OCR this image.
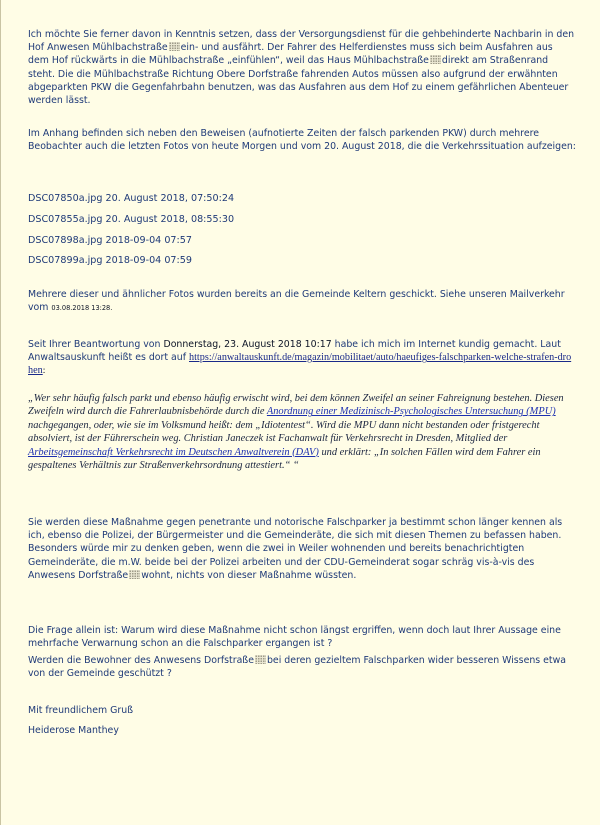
Ich möchte Sie ferner davon in Kenntnis setzen, dass der Versorgungsdienst für die gehbehinderte Nachbarin in den Hof Anwesen Mühlbachstraße ein- und ausfährt. Der Fahrer des Helferdienstes muss sich beim Ausfahren aus dem Hof rückwärts in die Mühlbachstraße „einfühlen“, weil das Haus Mühlbachstraße direkt am Straßenrand steht. Die die Mühlbachstraße Richtung Obere Dorfstraße fahrenden Autos müssen also aufgrund der erwähnten abgeparkten PKW die Gegenfahrbahn benutzen, was das Ausfahren aus dem Hof zu einem gefährlichen Abenteuer werden lässt.

Im Anhang befinden sich neben den Beweisen (aufnotierte Zeiten der falsch parkenden PKW) durch mehrere Beobachter auch die letzten Fotos von heute Morgen und vom 20. August 2018, die die Verkehrssituation aufzeigen:

DSC07850a.jpg 20. August 2018, 07:50:24

DSC07855a.jpg 20. August 2018, 08:55:30

DSC07898a.jpg 2018-09-04 07:57

DSC07899a.jpg 2018-09-04 07:59

Mehrere dieser und ähnlicher Fotos wurden bereits an die Gemeinde Keltern geschickt. Siehe unseren Mailverkehr vom 03.08.2018 13:28.

Seit Ihrer Beantwortung von Donnerstag, 23. August 2018 10:17 habe ich mich im Internet kundig gemacht. Laut Anwaltsauskunft heißt es dort auf https://anwaltauskunft.de/magazin/mobilitaet/auto/haeufiges-falschparken-welche-strafen-drohen:

„Wer sehr häufig falsch parkt und ebenso häufig erwischt wird, bei dem können Zweifel an seiner Fahreignung bestehen. Diesen Zweifeln wird durch die Fahrerlaubnisbehörde durch die Anordnung einer Medizinisch-Psychologisches Untersuchung (MPU) nachgegangen, oder, wie sie im Volksmund heißt: dem „Idiotentest“. Wird die MPU dann nicht bestanden oder fristgerecht absolviert, ist der Führerschein weg. Christian Janeczek ist Fachanwalt für Verkehrsrecht in Dresden, Mitglied der Arbeitsgemeinschaft Verkehrsrecht im Deutschen Anwaltverein (DAV) und erklärt: „In solchen Fällen wird dem Fahrer ein gespaltenes Verhältnis zur Straßenverkehrsordnung attestiert.“ “

Sie werden diese Maßnahme gegen penetrante und notorische Falschparker ja bestimmt schon länger kennen als ich, ebenso die Polizei, der Bürgermeister und die Gemeinderäte, die sich mit diesen Themen zu befassen haben. Besonders würde mir zu denken geben, wenn die zwei in Weiler wohnenden und bereits benachrichtigten Gemeinderäte, die m.W. beide bei der Polizei arbeiten und der CDU-Gemeinderat sogar schräg vis-à-vis des Anwesens Dorfstraße wohnt, nichts von dieser Maßnahme wüssten.

Die Frage allein ist: Warum wird diese Maßnahme nicht schon längst ergriffen, wenn doch laut Ihrer Aussage eine mehrfache Verwarnung schon an die Falschparker ergangen ist ?

Werden die Bewohner des Anwesens Dorfstraße bei deren gezieltem Falschparken wider besseren Wissens etwa von der Gemeinde geschützt ?

Mit freundlichem Gruß

Heiderose Manthey
